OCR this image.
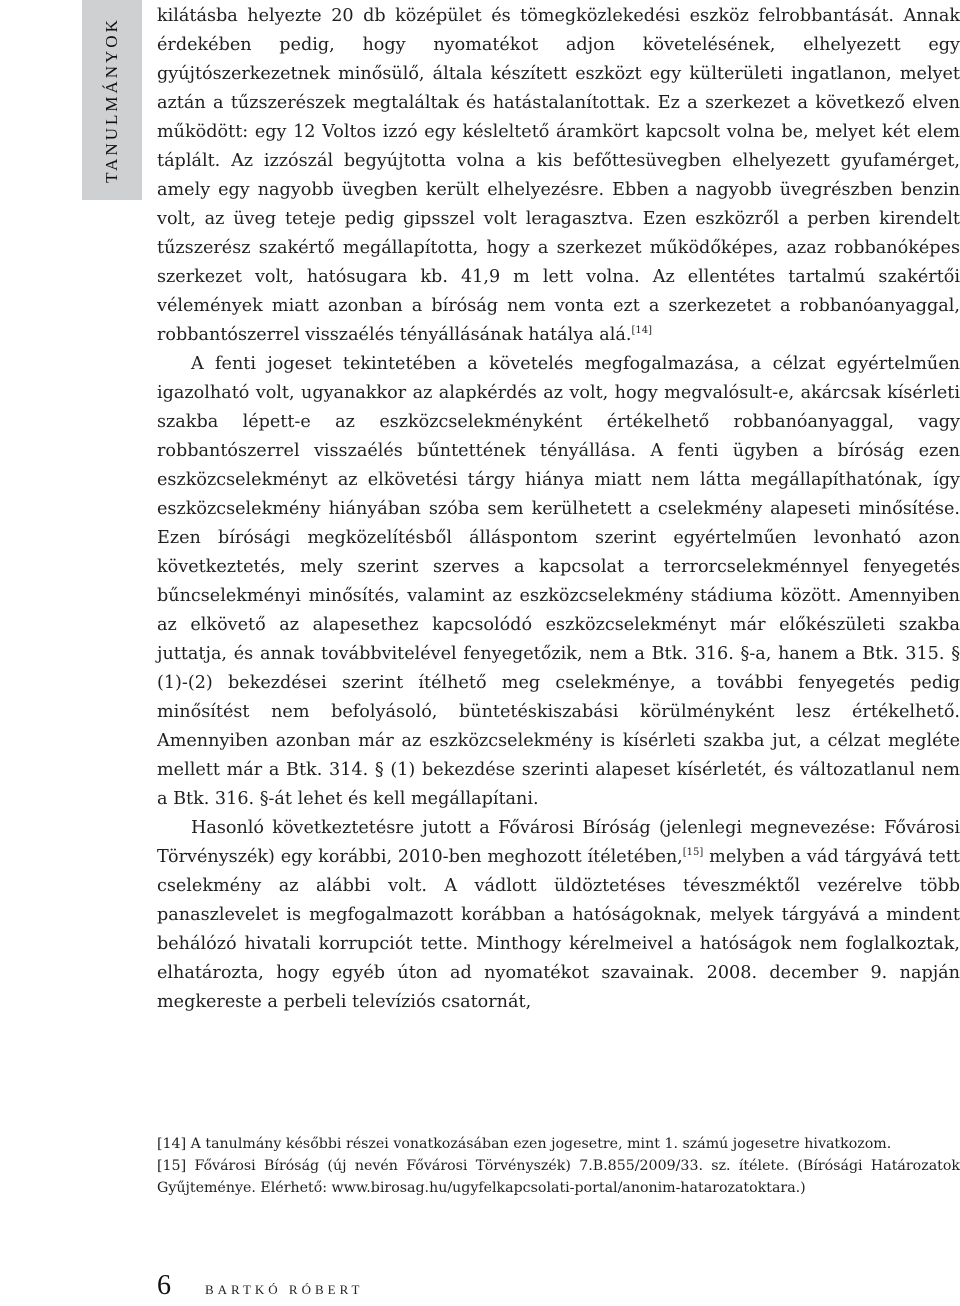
TANULMÁNYOK

kilátásba helyezte 20 db középület és tömegközlekedési eszköz felrobbantását. Annak érdekében pedig, hogy nyomatékot adjon követelésének, elhelyezett egy gyújtószerkezetnek minősülő, általa készített eszközt egy külterületi ingatlanon, melyet aztán a tűzszerészek megtaláltak és hatástalanítottak. Ez a szerkezet a következő elven működött: egy 12 Voltos izzó egy késleltető áramkört kapcsolt volna be, melyet két elem táplált. Az izzószál begyújtotta volna a kis befőttesüvegben elhelyezett gyufamérget, amely egy nagyobb üvegben került elhelyezésre. Ebben a nagyobb üvegrészben benzin volt, az üveg teteje pedig gipsszel volt leragasztva. Ezen eszközről a perben kirendelt tűzszerész szakértő megállapította, hogy a szerkezet működőképes, azaz robbanóképes szerkezet volt, hatósugara kb. 41,9 m lett volna. Az ellentétes tartalmú szakértői vélemények miatt azonban a bíróság nem vonta ezt a szerkezetet a robbanóanyaggal, robbantószerrel visszaélés tényállásának hatálya alá.[14]

A fenti jogeset tekintetében a követelés megfogalmazása, a célzat egyértelműen igazolható volt, ugyanakkor az alapkérdés az volt, hogy megvalósult-e, akárcsak kísérleti szakba lépett-e az eszközcselekményként értékelhető robbanóanyaggal, vagy robbantószerrel visszaélés bűntettének tényállása. A fenti ügyben a bíróság ezen eszközcselekményt az elkövetési tárgy hiánya miatt nem látta megállapíthatónak, így eszközcselekmény hiányában szóba sem kerülhetett a cselekmény alapeseti minősítése. Ezen bírósági megközelítésből álláspontom szerint egyértelműen levonható azon következtetés, mely szerint szerves a kapcsolat a terrorcselekménnyel fenyegetés bűncselekményi minősítés, valamint az eszközcselekmény stádiuma között. Amennyiben az elkövető az alapesethez kapcsolódó eszközcselekményt már előkészületi szakba juttatja, és annak továbbvitelével fenyegetőzik, nem a Btk. 316. §-a, hanem a Btk. 315. § (1)-(2) bekezdései szerint ítélhető meg cselekménye, a további fenyegetés pedig minősítést nem befolyásoló, büntetéskiszabási körülményként lesz értékelhető. Amennyiben azonban már az eszközcselekmény is kísérleti szakba jut, a célzat megléte mellett már a Btk. 314. § (1) bekezdése szerinti alapeset kísérletét, és változatlanul nem a Btk. 316. §-át lehet és kell megállapítani.

Hasonló következtetésre jutott a Fővárosi Bíróság (jelenlegi megnevezése: Fővárosi Törvényszék) egy korábbi, 2010-ben meghozott ítéletében,[15] melyben a vád tárgyává tett cselekmény az alábbi volt. A vádlott üldöztetéses téveszméktől vezérelve több panaszlevelet is megfogalmazott korábban a hatóságoknak, melyek tárgyává a mindent behálózó hivatali korrupciót tette. Minthogy kérelmeivel a hatóságok nem foglalkoztak, elhatározta, hogy egyéb úton ad nyomatékot szavainak. 2008. december 9. napján megkereste a perbeli televíziós csatornát,

[14] A tanulmány későbbi részei vonatkozásában ezen jogesetre, mint 1. számú jogesetre hivatkozom.

[15] Fővárosi Bíróság (új nevén Fővárosi Törvényszék) 7.B.855/2009/33. sz. ítélete. (Bírósági Határozatok Gyűjteménye. Elérhető: www.birosag.hu/ugyfelkapcsolati-portal/anonim-hatarozatoktara.)

6	BARTKÓ RÓBERT
